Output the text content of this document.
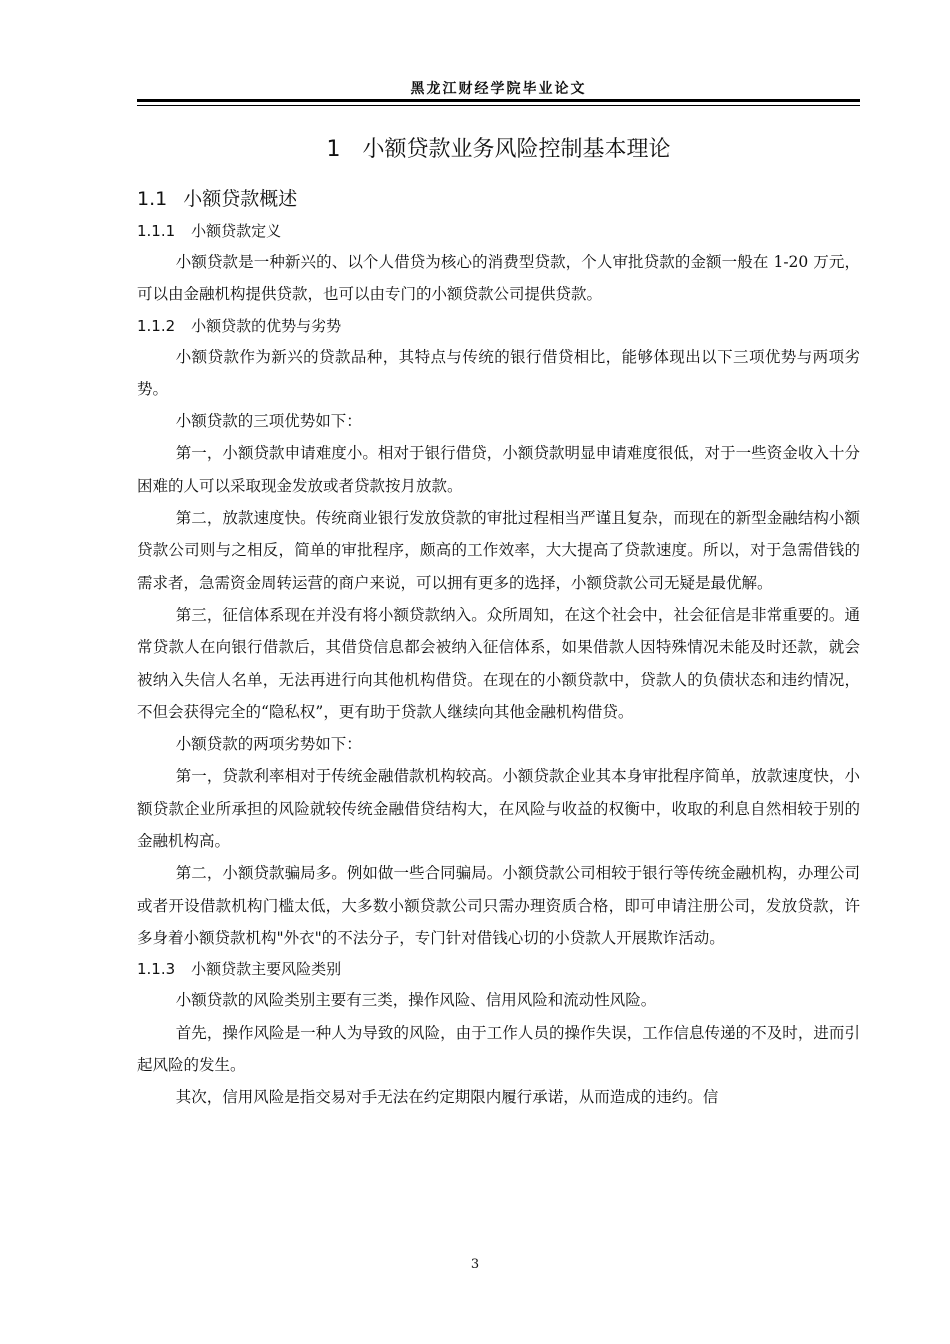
黑龙江财经学院毕业论文
1 小额贷款业务风险控制基本理论
1.1 小额贷款概述
1.1.1 小额贷款定义

小额贷款是一种新兴的、以个人借贷为核心的消费型贷款，个人审批贷款的金额一般在 1-20 万元，可以由金融机构提供贷款，也可以由专门的小额贷款公司提供贷款。

1.1.2 小额贷款的优势与劣势

小额贷款作为新兴的贷款品种，其特点与传统的银行借贷相比，能够体现出以下三项优势与两项劣势。

小额贷款的三项优势如下：

第一，小额贷款申请难度小。相对于银行借贷，小额贷款明显申请难度很低，对于一些资金收入十分困难的人可以采取现金发放或者贷款按月放款。

第二，放款速度快。传统商业银行发放贷款的审批过程相当严谨且复杂，而现在的新型金融结构小额贷款公司则与之相反，简单的审批程序，颇高的工作效率，大大提高了贷款速度。所以，对于急需借钱的需求者，急需资金周转运营的商户来说，可以拥有更多的选择，小额贷款公司无疑是最优解。

第三，征信体系现在并没有将小额贷款纳入。众所周知，在这个社会中，社会征信是非常重要的。通常贷款人在向银行借款后，其借贷信息都会被纳入征信体系，如果借款人因特殊情况未能及时还款，就会被纳入失信人名单，无法再进行向其他机构借贷。在现在的小额贷款中，贷款人的负债状态和违约情况，不但会获得完全的“隐私权”，更有助于贷款人继续向其他金融机构借贷。

小额贷款的两项劣势如下：

第一，贷款利率相对于传统金融借款机构较高。小额贷款企业其本身审批程序简单，放款速度快，小额贷款企业所承担的风险就较传统金融借贷结构大，在风险与收益的权衡中，收取的利息自然相较于别的金融机构高。

第二，小额贷款骗局多。例如做一些合同骗局。小额贷款公司相较于银行等传统金融机构，办理公司或者开设借款机构门槛太低，大多数小额贷款公司只需办理资质合格，即可申请注册公司，发放贷款，许多身着小额贷款机构"外衣"的不法分子，专门针对借钱心切的小贷款人开展欺诈活动。

1.1.3 小额贷款主要风险类别

小额贷款的风险类别主要有三类，操作风险、信用风险和流动性风险。

首先，操作风险是一种人为导致的风险，由于工作人员的操作失误，工作信息传递的不及时，进而引起风险的发生。

其次，信用风险是指交易对手无法在约定期限内履行承诺，从而造成的违约。信

3
